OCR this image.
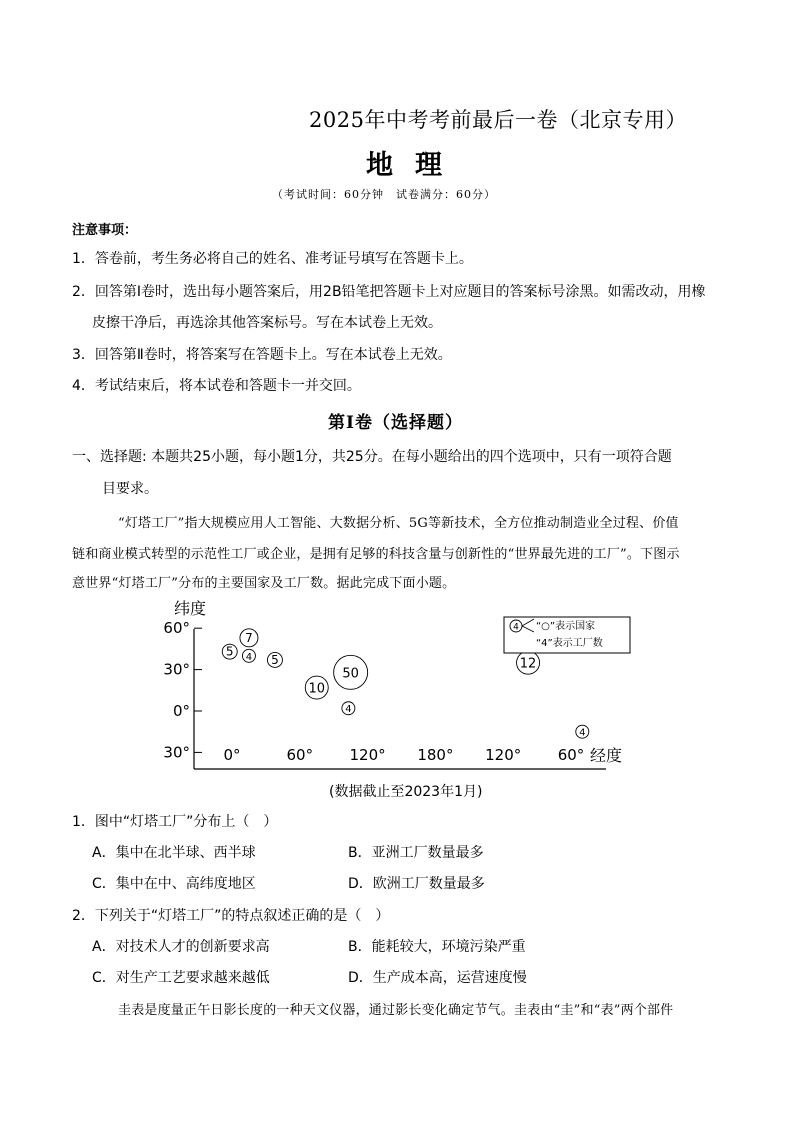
2025年中考考前最后一卷（北京专用）
地理
（考试时间：60分钟　试卷满分：60分）
注意事项：
1．答卷前，考生务必将自己的姓名、准考证号填写在答题卡上。
2．回答第Ⅰ卷时，选出每小题答案后，用2B铅笔把答题卡上对应题目的答案标号涂黑。如需改动，用橡
皮擦干净后，再选涂其他答案标号。写在本试卷上无效。
3．回答第Ⅱ卷时，将答案写在答题卡上。写在本试卷上无效。
4．考试结束后，将本试卷和答题卡一并交回。
第Ⅰ卷（选择题）
一、选择题: 本题共25小题，每小题1分，共25分。在每小题给出的四个选项中，只有一项符合题
目要求。
“灯塔工厂”指大规模应用人工智能、大数据分析、5G等新技术，全方位推动制造业全过程、价值
链和商业模式转型的示范性工厂或企业，是拥有足够的科技含量与创新性的“世界最先进的工厂”。下图示
意世界“灯塔工厂”分布的主要国家及工厂数。据此完成下面小题。
纬度
60°
30°
0°
30° 0°	60° 120° 180° 120° 60° 经度
7
5 4 5
10
50
4
12
4
4 “○”表示国家
“4”表示工厂数
(数据截止至2023年1月)
1．图中“灯塔工厂”分布上（　）
A．集中在北半球、西半球	B．亚洲工厂数量最多
C．集中在中、高纬度地区	D．欧洲工厂数量最多
2．下列关于“灯塔工厂”的特点叙述正确的是（　）
A．对技术人才的创新要求高	B．能耗较大，环境污染严重
C．对生产工艺要求越来越低	D．生产成本高，运营速度慢
圭表是度量正午日影长度的一种天文仪器，通过影长变化确定节气。圭表由“圭”和“表”两个部件
